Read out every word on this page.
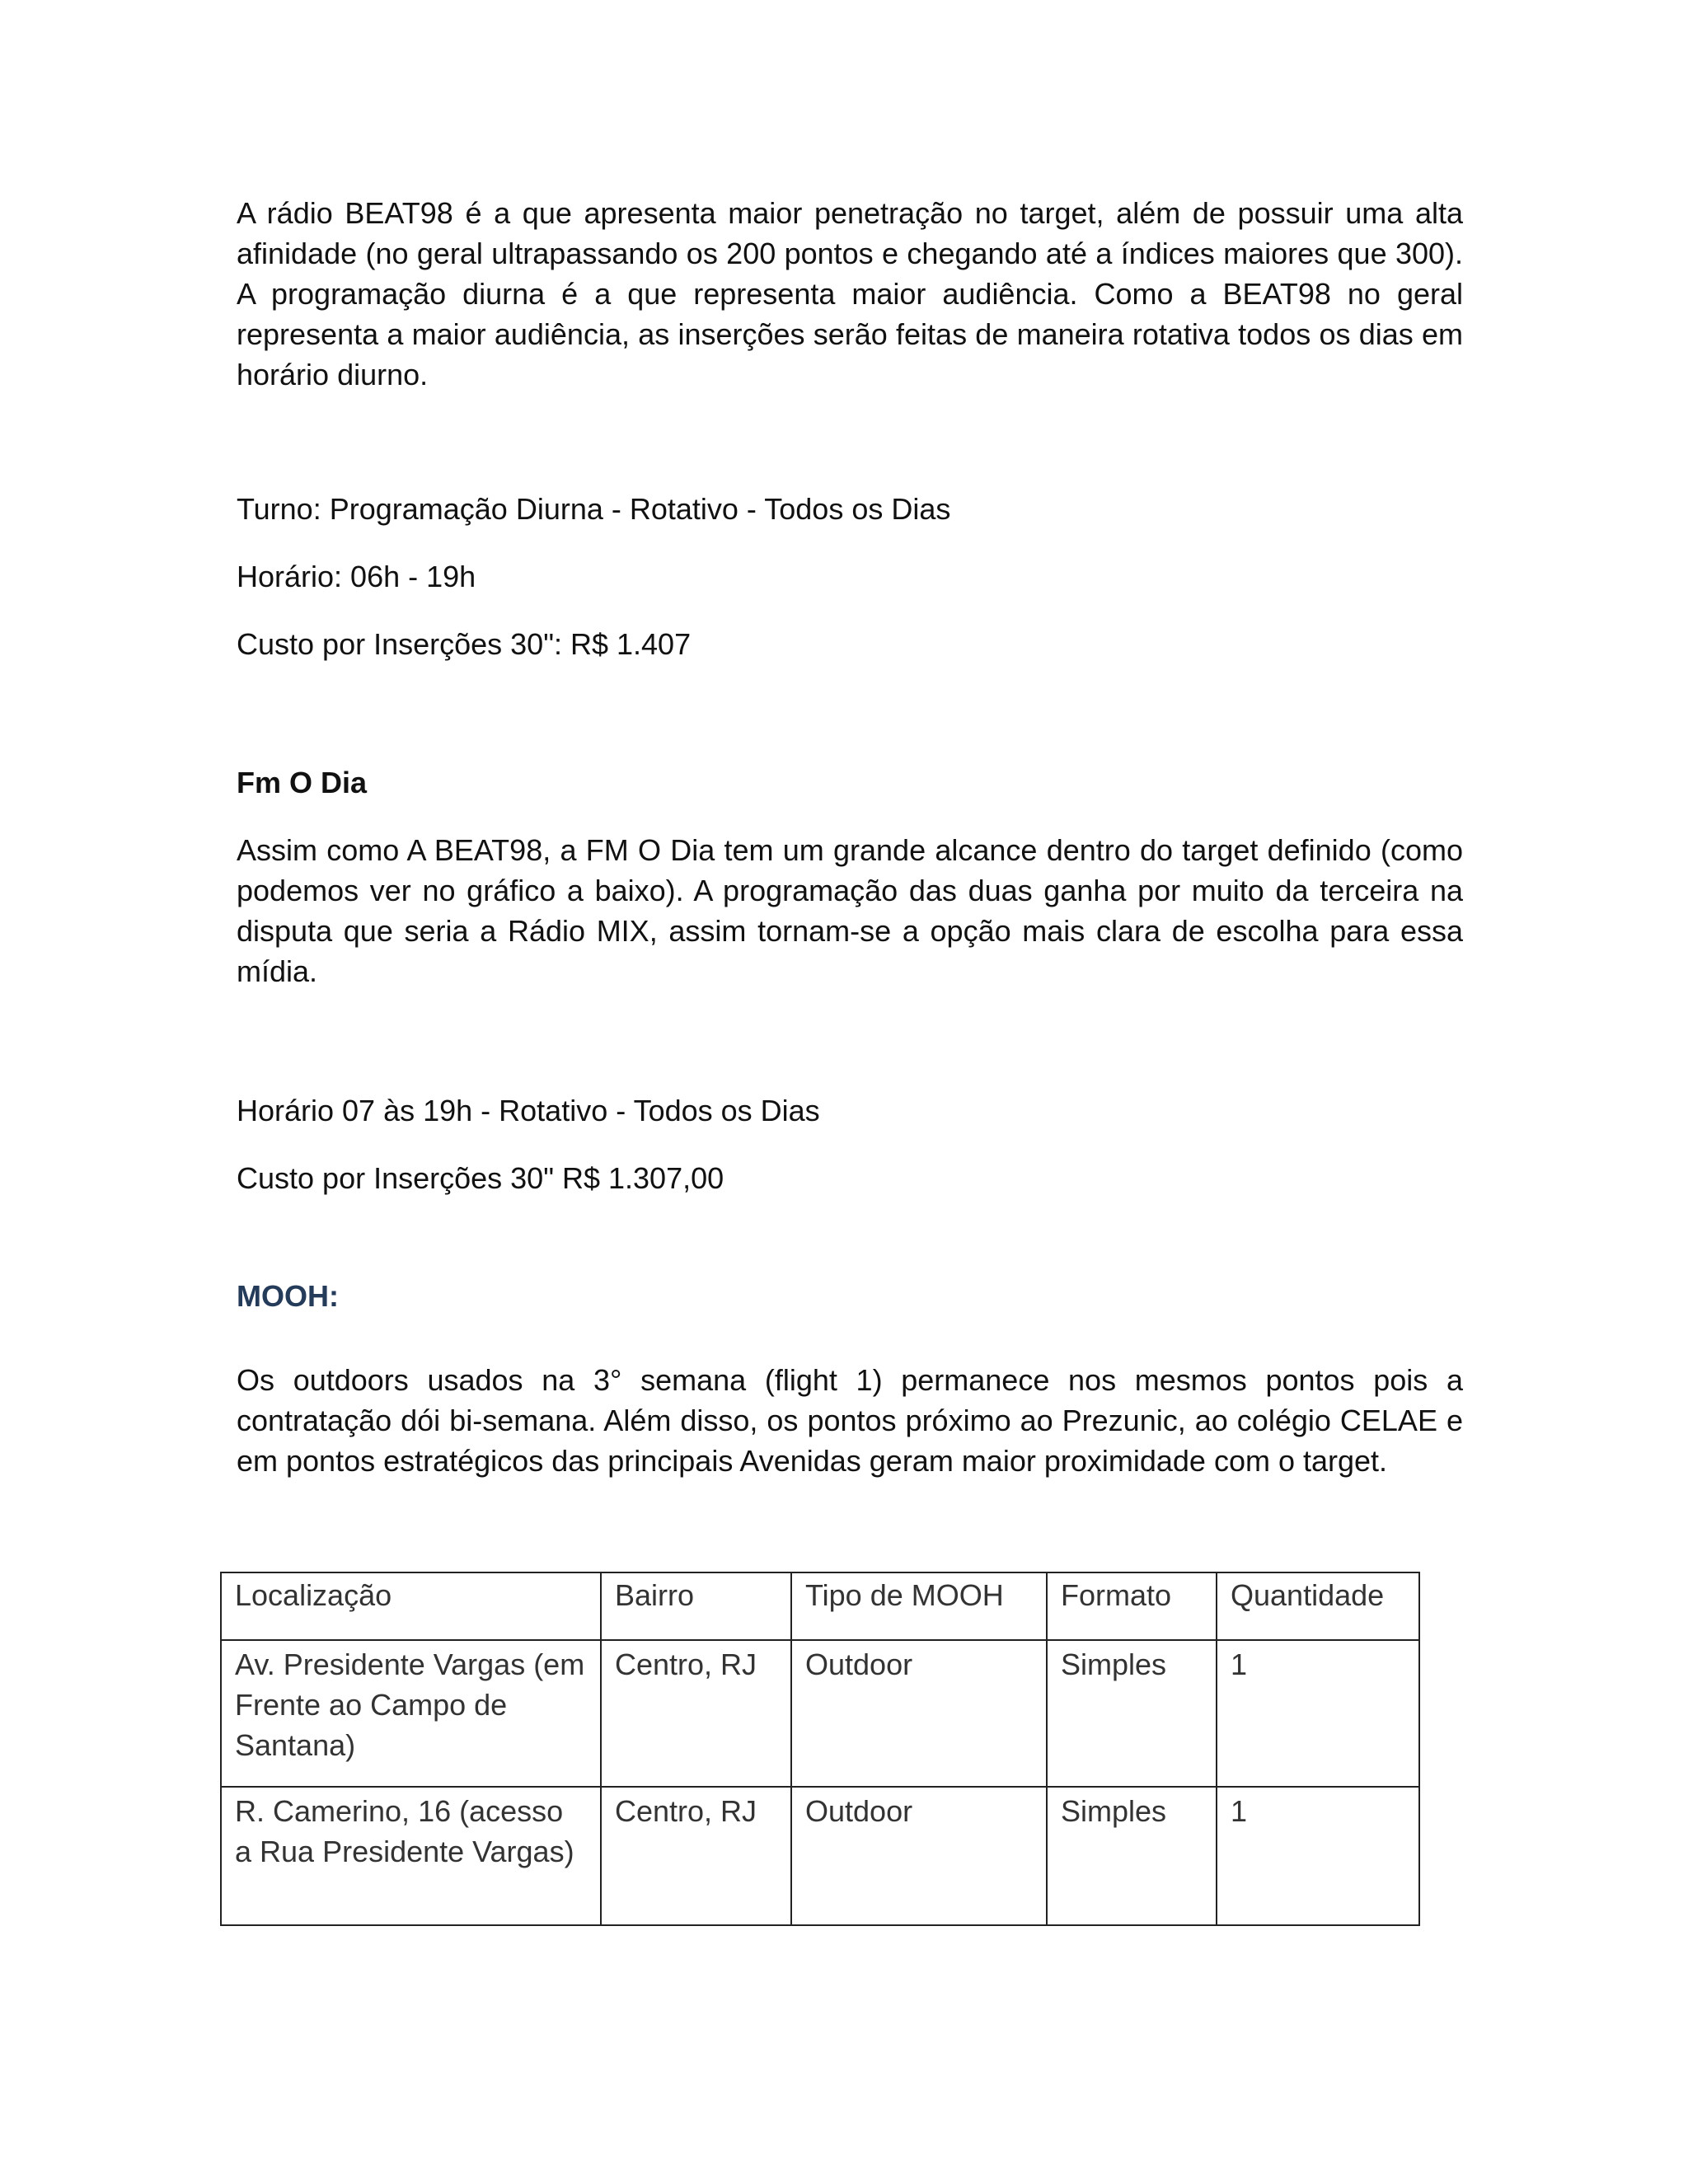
A rádio BEAT98 é a que apresenta maior penetração no target, além de possuir uma alta afinidade (no geral ultrapassando os 200 pontos e chegando até a índices maiores que 300). A programação diurna é a que representa maior audiência. Como a BEAT98 no geral representa a maior audiência, as inserções serão feitas de maneira rotativa todos os dias em horário diurno.

Turno: Programação Diurna - Rotativo - Todos os Dias

Horário: 06h - 19h

Custo por Inserções 30": R$ 1.407

Fm O Dia

Assim como A BEAT98, a FM O Dia tem um grande alcance dentro do target definido (como podemos ver no gráfico a baixo). A programação das duas ganha por muito da terceira na disputa que seria a Rádio MIX, assim tornam-se a opção mais clara de escolha para essa mídia.

Horário 07 às 19h - Rotativo - Todos os Dias

Custo por Inserções 30" R$ 1.307,00

MOOH:

Os outdoors usados na 3° semana (flight 1) permanece nos mesmos pontos pois a contratação dói bi-semana. Além disso, os pontos próximo ao Prezunic, ao colégio CELAE e em pontos estratégicos das principais Avenidas geram maior proximidade com o target.

Localização	Bairro	Tipo de MOOH	Formato	Quantidade
Av. Presidente Vargas (em Frente ao Campo de Santana)	Centro, RJ	Outdoor	Simples	1
R. Camerino, 16 (acesso a Rua Presidente Vargas)	Centro, RJ	Outdoor	Simples	1
